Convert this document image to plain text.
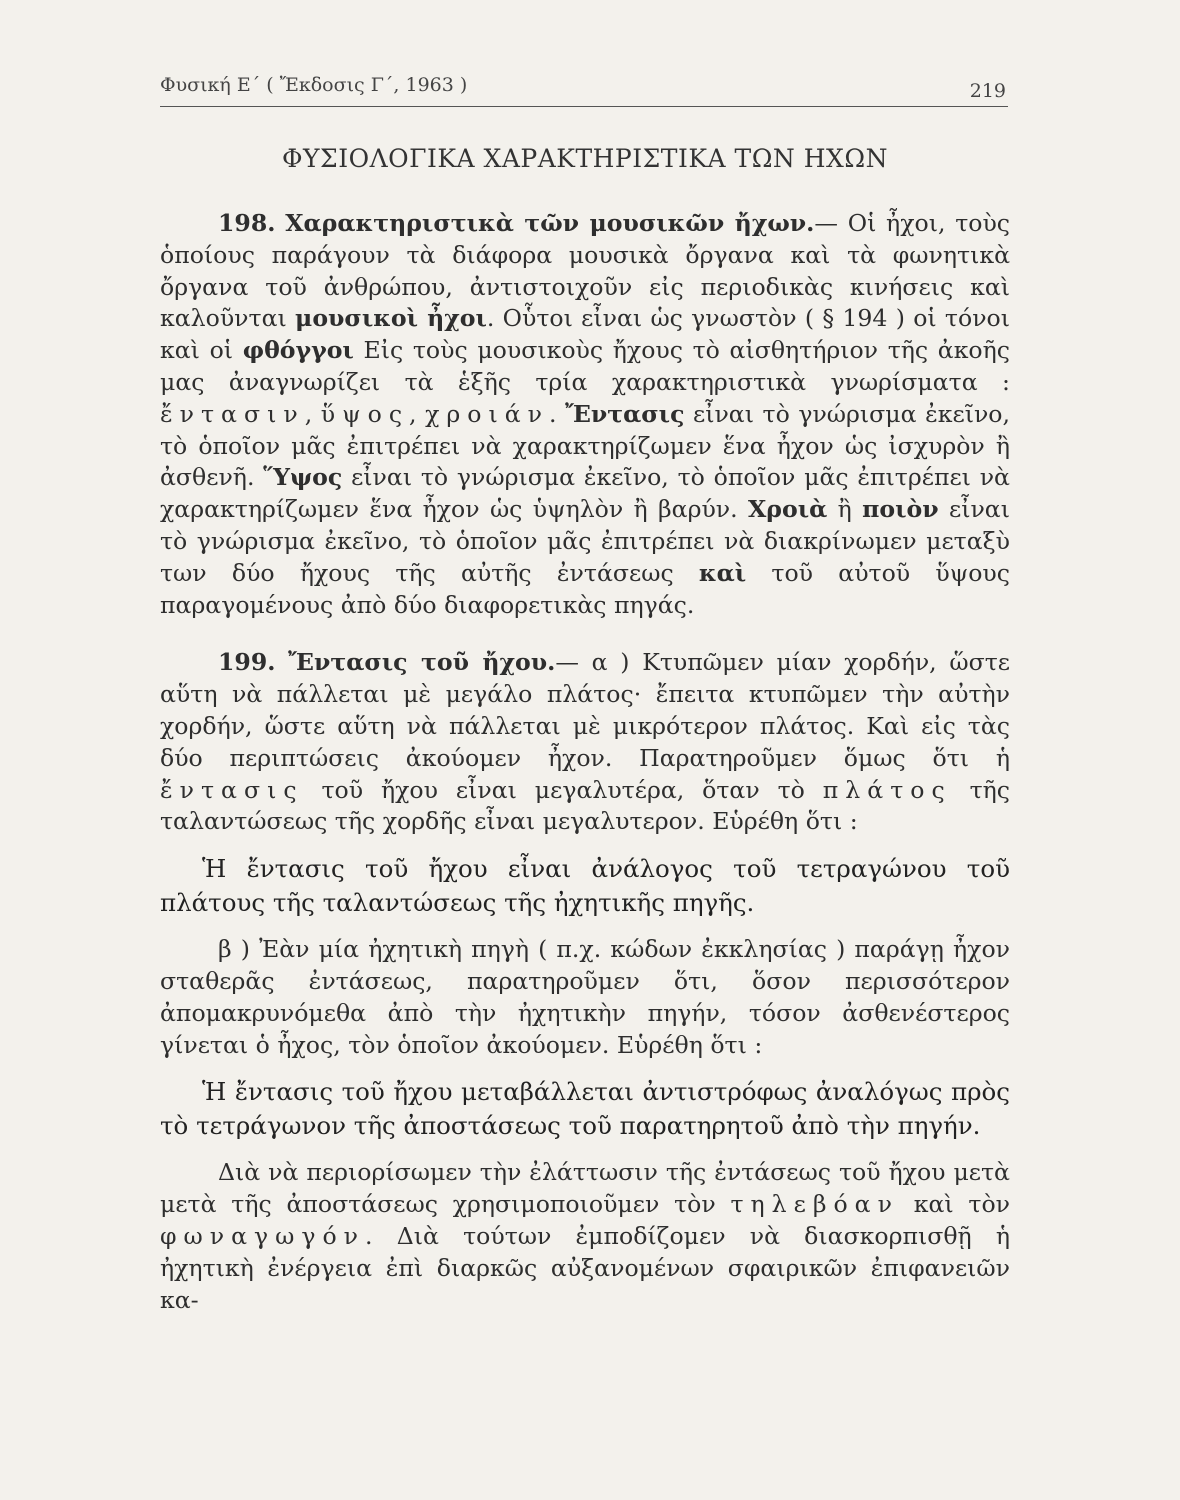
Φυσική Ε΄ ( Ἔκδοσις Γ΄, 1963 )	219
ΦΥΣΙΟΛΟΓΙΚΑ ΧΑΡΑΚΤΗΡΙΣΤΙΚΑ ΤΩΝ ΗΧΩΝ

198. Χαρακτηριστικὰ τῶν μουσικῶν ἤχων.— Οἱ ἦχοι, τοὺς ὁποίους παράγουν τὰ διάφορα μουσικὰ ὄργανα καὶ τὰ φωνητικὰ ὄργανα τοῦ ἀνθρώπου, ἀντιστοιχοῦν εἰς περιοδικὰς κινήσεις καὶ καλοῦνται μουσικοὶ ἦχοι. Οὗτοι εἶναι ὡς γνωστὸν ( § 194 ) οἱ τόνοι καὶ οἱ φθόγγοι Εἰς τοὺς μουσικοὺς ἤχους τὸ αἰσθητήριον τῆς ἀκοῆς μας ἀναγνωρίζει τὰ ἑξῆς τρία χαρακτηριστικὰ γνωρίσματα : ἔντασιν, ὕψος, χροιάν. Ἔντασις εἶναι τὸ γνώρισμα ἐκεῖνο, τὸ ὁποῖον μᾶς ἐπιτρέπει νὰ χαρακτηρίζωμεν ἕνα ἦχον ὡς ἰσχυρὸν ἢ ἀσθενῆ. Ὕψος εἶναι τὸ γνώρισμα ἐκεῖνο, τὸ ὁποῖον μᾶς ἐπιτρέπει νὰ χαρακτηρίζωμεν ἕνα ἦχον ὡς ὑψηλὸν ἢ βαρύν. Χροιὰ ἢ ποιὸν εἶναι τὸ γνώρισμα ἐκεῖνο, τὸ ὁποῖον μᾶς ἐπιτρέπει νὰ διακρίνωμεν μεταξὺ των δύο ἤχους τῆς αὐτῆς ἐντάσεως καὶ τοῦ αὐτοῦ ὕψους παραγομένους ἀπὸ δύο διαφορετικὰς πηγάς.

199. Ἔντασις τοῦ ἤχου.— α ) Κτυπῶμεν μίαν χορδήν, ὥστε αὕτη νὰ πάλλεται μὲ μεγάλο πλάτος· ἔπειτα κτυπῶμεν τὴν αὐτὴν χορδήν, ὥστε αὕτη νὰ πάλλεται μὲ μικρότερον πλάτος. Καὶ εἰς τὰς δύο περιπτώσεις ἀκούομεν ἦχον. Παρατηροῦμεν ὅμως ὅτι ἡ ἔντασις τοῦ ἤχου εἶναι μεγαλυτέρα, ὅταν τὸ πλάτος τῆς ταλαντώσεως τῆς χορδῆς εἶναι μεγαλυτερον. Εὑρέθη ὅτι :

Ἡ ἔντασις τοῦ ἤχου εἶναι ἀνάλογος τοῦ τετραγώνου τοῦ πλάτους τῆς ταλαντώσεως τῆς ἠχητικῆς πηγῆς.

β ) Ἐὰν μία ἠχητικὴ πηγὴ ( π.χ. κώδων ἐκκλησίας ) παράγῃ ἦχον σταθερᾶς ἐντάσεως, παρατηροῦμεν ὅτι, ὅσον περισσότερον ἀπομακρυνόμεθα ἀπὸ τὴν ἠχητικὴν πηγήν, τόσον ἀσθενέστερος γίνεται ὁ ἦχος, τὸν ὁποῖον ἀκούομεν. Εὑρέθη ὅτι :

Ἡ ἔντασις τοῦ ἤχου μεταβάλλεται ἀντιστρόφως ἀναλόγως πρὸς τὸ τετράγωνον τῆς ἀποστάσεως τοῦ παρατηρητοῦ ἀπὸ τὴν πηγήν.

Διὰ νὰ περιορίσωμεν τὴν ἐλάττωσιν τῆς ἐντάσεως τοῦ ἤχου μετὰ μετὰ τῆς ἀποστάσεως χρησιμοποιοῦμεν τὸν τηλεβόαν καὶ τὸν φωναγωγόν. Διὰ τούτων ἐμποδίζομεν νὰ διασκορπισθῇ ἡ ἠχητικὴ ἐνέργεια ἐπὶ διαρκῶς αὐξανομένων σφαιρικῶν ἐπιφανειῶν κα-
